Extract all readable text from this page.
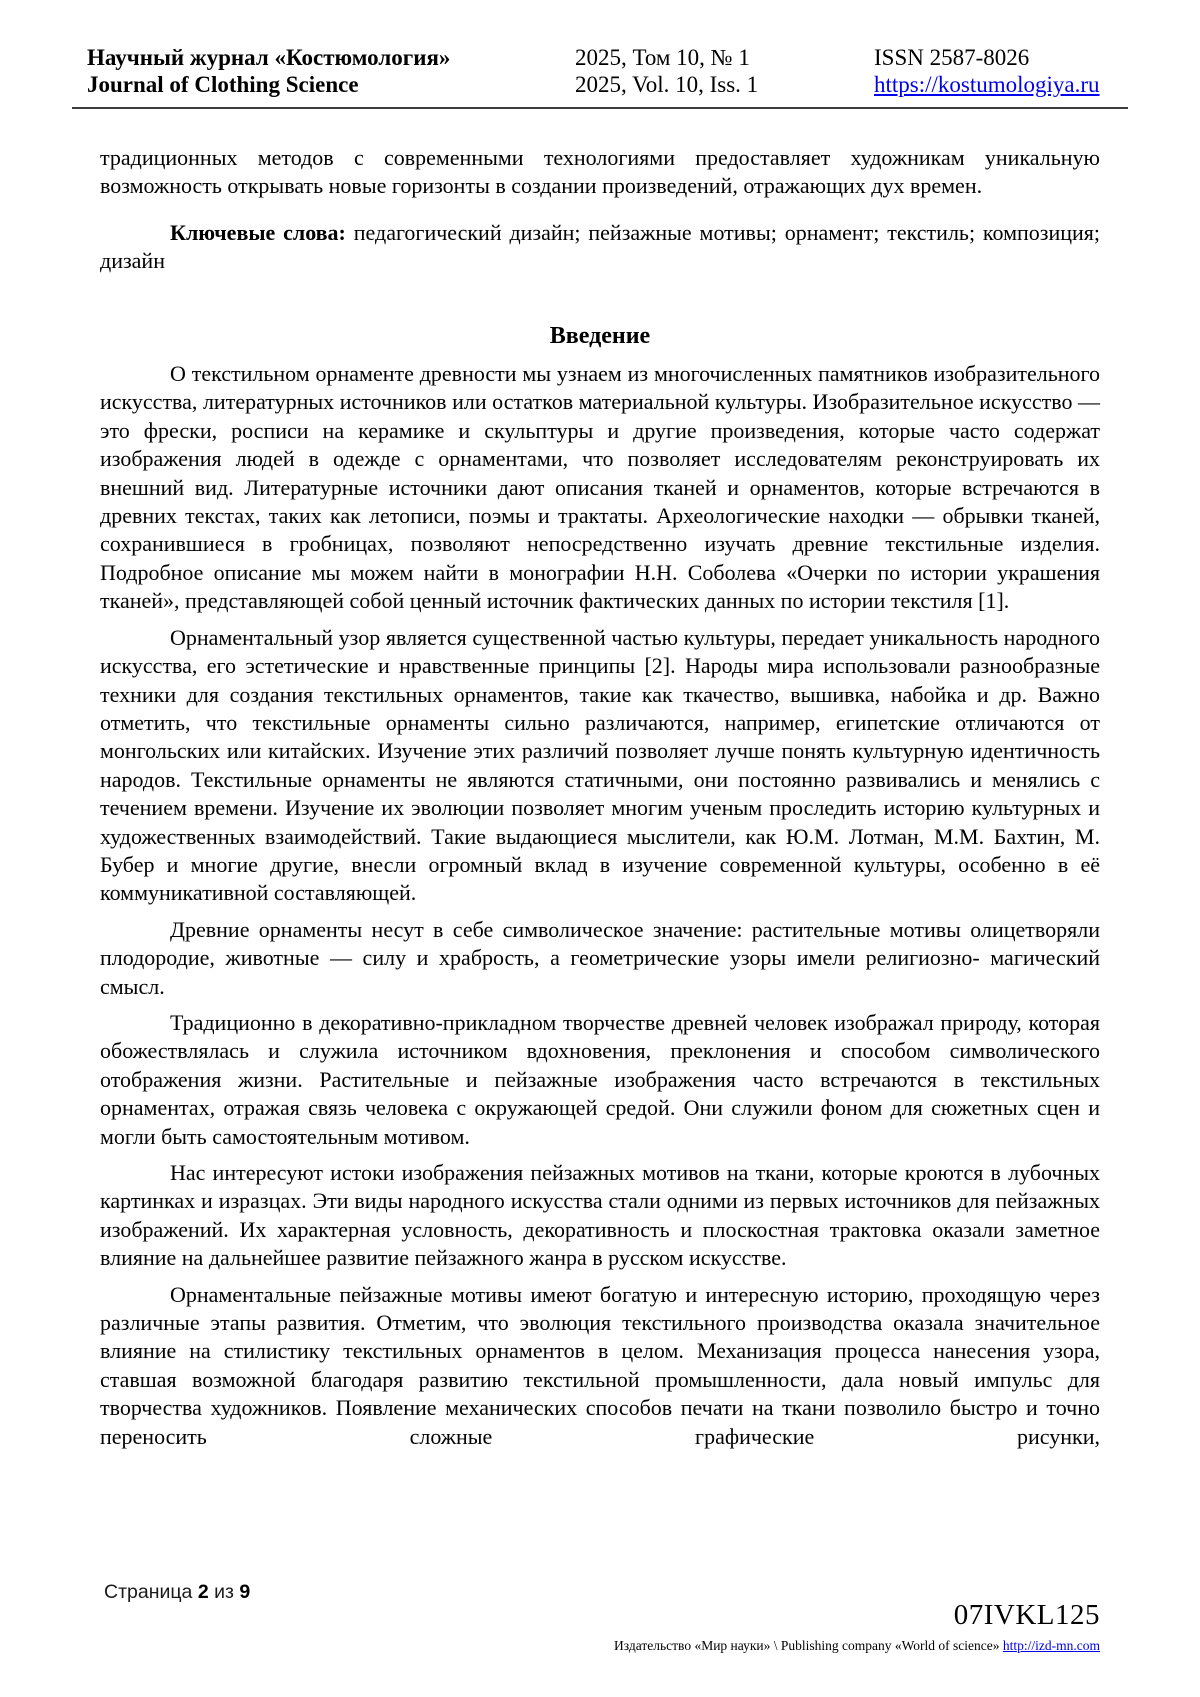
Научный журнал «Костюмология»
Journal of Clothing Science
2025, Том 10, № 1
2025, Vol. 10, Iss. 1
ISSN 2587-8026
https://kostumologiya.ru

традиционных методов с современными технологиями предоставляет художникам уникальную возможность открывать новые горизонты в создании произведений, отражающих дух времен.

Ключевые слова: педагогический дизайн; пейзажные мотивы; орнамент; текстиль; композиция; дизайн

Введение

О текстильном орнаменте древности мы узнаем из многочисленных памятников изобразительного искусства, литературных источников или остатков материальной культуры. Изобразительное искусство — это фрески, росписи на керамике и скульптуры и другие произведения, которые часто содержат изображения людей в одежде с орнаментами, что позволяет исследователям реконструировать их внешний вид. Литературные источники дают описания тканей и орнаментов, которые встречаются в древних текстах, таких как летописи, поэмы и трактаты. Археологические находки — обрывки тканей, сохранившиеся в гробницах, позволяют непосредственно изучать древние текстильные изделия. Подробное описание мы можем найти в монографии Н.Н. Соболева «Очерки по истории украшения тканей», представляющей собой ценный источник фактических данных по истории текстиля [1].

Орнаментальный узор является существенной частью культуры, передает уникальность народного искусства, его эстетические и нравственные принципы [2]. Народы мира использовали разнообразные техники для создания текстильных орнаментов, такие как ткачество, вышивка, набойка и др. Важно отметить, что текстильные орнаменты сильно различаются, например, египетские отличаются от монгольских или китайских. Изучение этих различий позволяет лучше понять культурную идентичность народов. Текстильные орнаменты не являются статичными, они постоянно развивались и менялись с течением времени. Изучение их эволюции позволяет многим ученым проследить историю культурных и художественных взаимодействий. Такие выдающиеся мыслители, как Ю.М. Лотман, М.М. Бахтин, М. Бубер и многие другие, внесли огромный вклад в изучение современной культуры, особенно в её коммуникативной составляющей.

Древние орнаменты несут в себе символическое значение: растительные мотивы олицетворяли плодородие, животные — силу и храбрость, а геометрические узоры имели религиозно- магический смысл.

Традиционно в декоративно-прикладном творчестве древней человек изображал природу, которая обожествлялась и служила источником вдохновения, преклонения и способом символического отображения жизни. Растительные и пейзажные изображения часто встречаются в текстильных орнаментах, отражая связь человека с окружающей средой. Они служили фоном для сюжетных сцен и могли быть самостоятельным мотивом.

Нас интересуют истоки изображения пейзажных мотивов на ткани, которые кроются в лубочных картинках и изразцах. Эти виды народного искусства стали одними из первых источников для пейзажных изображений. Их характерная условность, декоративность и плоскостная трактовка оказали заметное влияние на дальнейшее развитие пейзажного жанра в русском искусстве.

Орнаментальные пейзажные мотивы имеют богатую и интересную историю, проходящую через различные этапы развития. Отметим, что эволюция текстильного производства оказала значительное влияние на стилистику текстильных орнаментов в целом. Механизация процесса нанесения узора, ставшая возможной благодаря развитию текстильной промышленности, дала новый импульс для творчества художников. Появление механических способов печати на ткани позволило быстро и точно переносить сложные графические рисунки,

Страница 2 из 9
07IVKL125
Издательство «Мир науки» \ Publishing company «World of science» http://izd-mn.com
